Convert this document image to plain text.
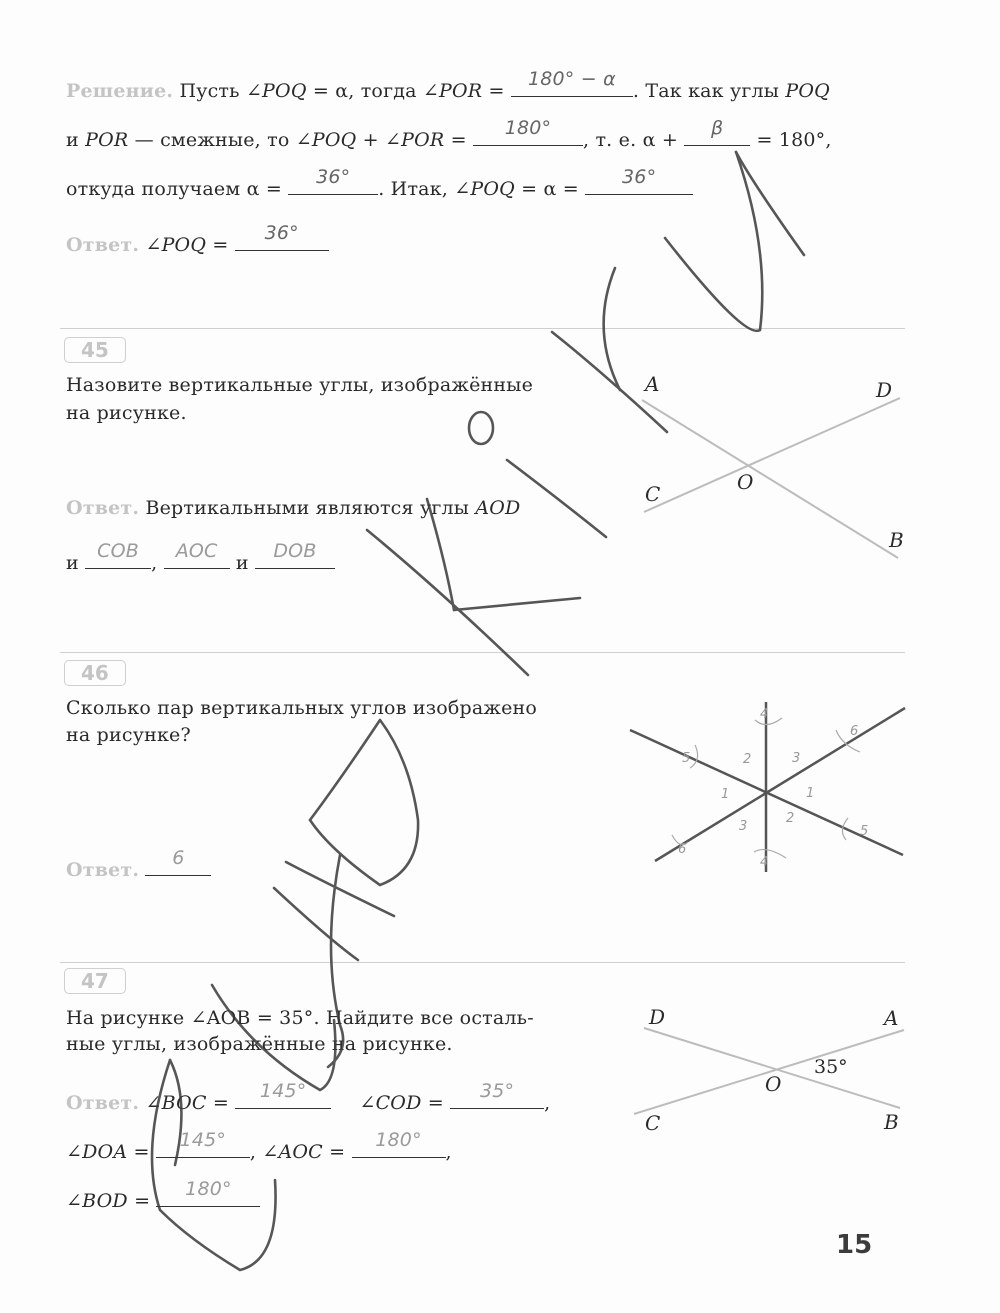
Решение. Пусть ∠POQ = α, тогда ∠POR =
180° − α
. Так как углы POQ
и POR — смежные, то ∠POQ + ∠POR =
180°
, т. е. α +
β
= 180°,
откуда получаем α =
36°
. Итак, ∠POQ = α =
36°
Ответ. ∠POQ =
36°
45
Назовите вертикальные углы, изображённые
на рисунке.
Ответ. Вертикальными являются углы AOD
и
COB
,
AOC
и
DOB
A	D
O
C
B
46
Сколько пар вертикальных углов изображено
на рисунке?
Ответ.
6
2	3
1	1
3
2
4
4
6
6
5
5
47
На рисунке ∠AOB = 35°. Найдите все осталь-
ные углы, изображённые на рисунке.
Ответ. ∠BOC =
145°
∠COD =
35°
,
∠DOA =
145°
, ∠AOC =
180°
,
∠BOD =
180°
D	A
O
35°
C	B
15
